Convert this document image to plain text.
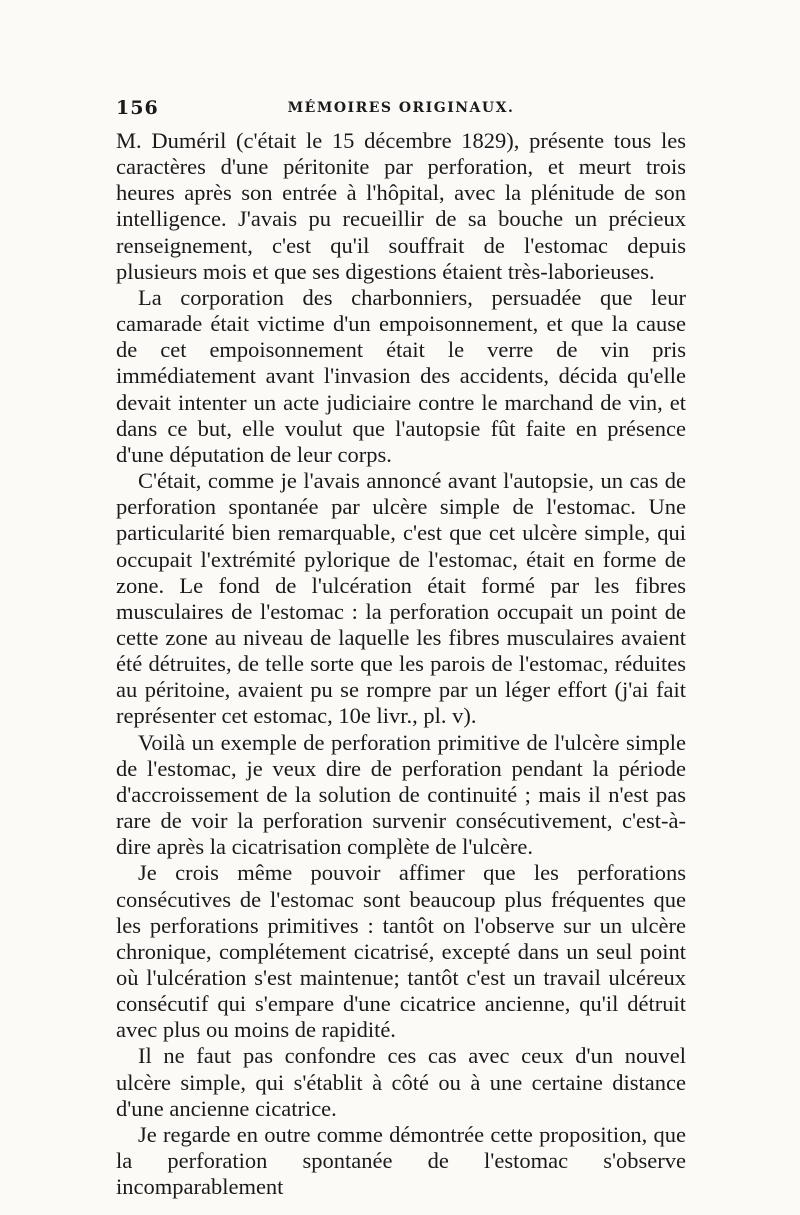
156	MÉMOIRES ORIGINAUX.

M. Duméril (c'était le 15 décembre 1829), présente tous les caractères d'une péritonite par perforation, et meurt trois heures après son entrée à l'hôpital, avec la plénitude de son intelligence. J'avais pu recueillir de sa bouche un précieux renseignement, c'est qu'il souffrait de l'estomac depuis plusieurs mois et que ses digestions étaient très-laborieuses.

La corporation des charbonniers, persuadée que leur camarade était victime d'un empoisonnement, et que la cause de cet empoisonnement était le verre de vin pris immédiatement avant l'invasion des accidents, décida qu'elle devait intenter un acte judiciaire contre le marchand de vin, et dans ce but, elle voulut que l'autopsie fût faite en présence d'une députation de leur corps.

C'était, comme je l'avais annoncé avant l'autopsie, un cas de perforation spontanée par ulcère simple de l'estomac. Une particularité bien remarquable, c'est que cet ulcère simple, qui occupait l'extrémité pylorique de l'estomac, était en forme de zone. Le fond de l'ulcération était formé par les fibres musculaires de l'estomac : la perforation occupait un point de cette zone au niveau de laquelle les fibres musculaires avaient été détruites, de telle sorte que les parois de l'estomac, réduites au péritoine, avaient pu se rompre par un léger effort (j'ai fait représenter cet estomac, 10e livr., pl. v).

Voilà un exemple de perforation primitive de l'ulcère simple de l'estomac, je veux dire de perforation pendant la période d'accroissement de la solution de continuité ; mais il n'est pas rare de voir la perforation survenir consécutivement, c'est-à-dire après la cicatrisation complète de l'ulcère.

Je crois même pouvoir affimer que les perforations consécutives de l'estomac sont beaucoup plus fréquentes que les perforations primitives : tantôt on l'observe sur un ulcère chronique, complétement cicatrisé, excepté dans un seul point où l'ulcération s'est maintenue; tantôt c'est un travail ulcéreux consécutif qui s'empare d'une cicatrice ancienne, qu'il détruit avec plus ou moins de rapidité.

Il ne faut pas confondre ces cas avec ceux d'un nouvel ulcère simple, qui s'établit à côté ou à une certaine distance d'une ancienne cicatrice.

Je regarde en outre comme démontrée cette proposition, que la perforation spontanée de l'estomac s'observe incomparablement
